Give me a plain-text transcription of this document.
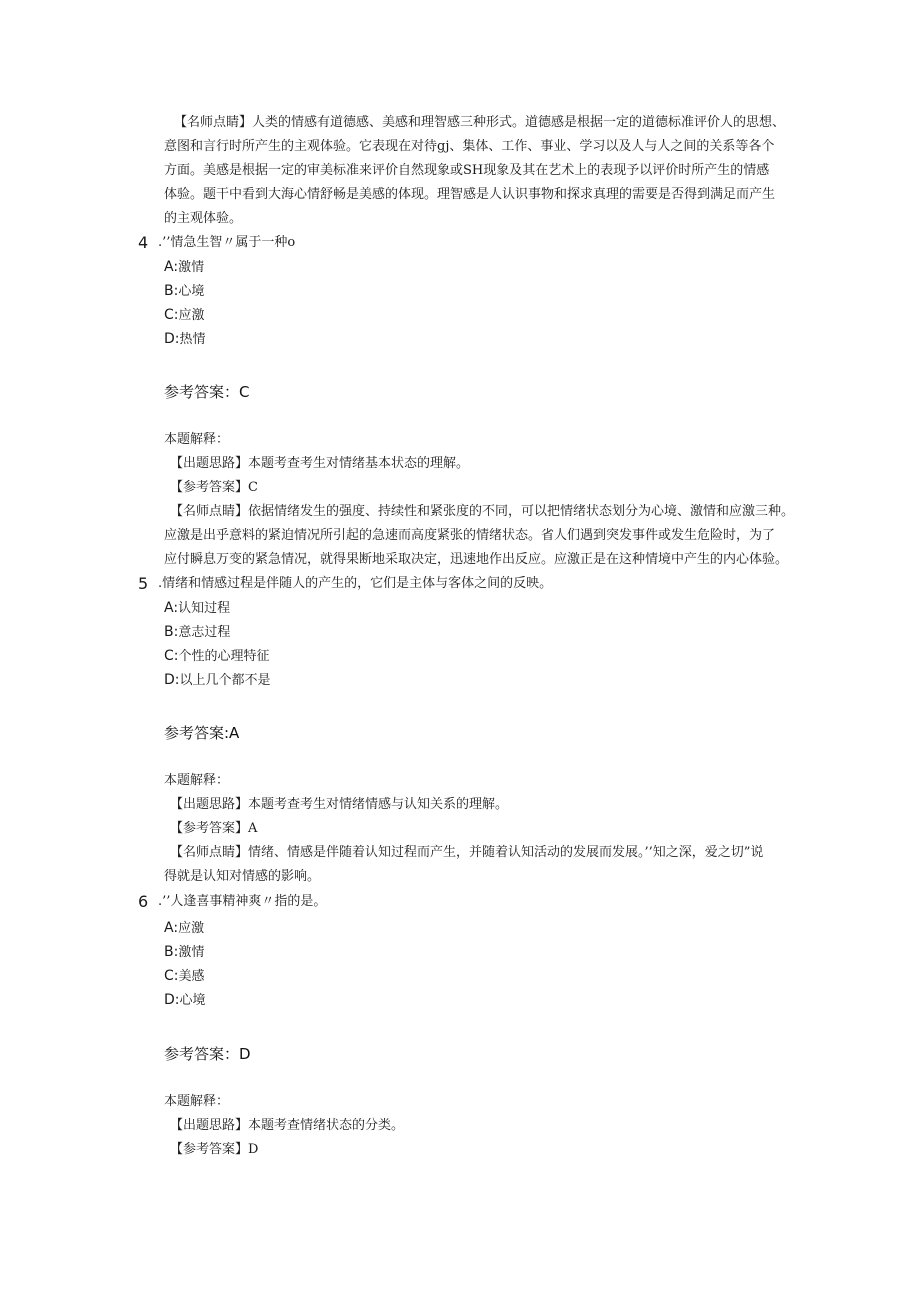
【名师点睛】人类的情感有道德感、美感和理智感三种形式。道德感是根据一定的道德标准评价人的思想、
意图和言行时所产生的主观体验。它表现在对待gj、集体、工作、事业、学习以及人与人之间的关系等各个
方面。美感是根据一定的审美标准来评价自然现象或SH现象及其在艺术上的表现予以评价时所产生的情感
体验。题干中看到大海心情舒畅是美感的体现。理智感是人认识事物和探求真理的需要是否得到满足而产生
的主观体验。
4 .’’情急生智〃属于一种o
A:激情
B:心境
C:应激
D:热情
参考答案：C
本题解释：
【出题思路】本题考查考生对情绪基本状态的理解。
【参考答案】C
【名师点睛】依据情绪发生的强度、持续性和紧张度的不同，可以把情绪状态划分为心境、激情和应激三种。
应激是出乎意料的紧迫情况所引起的急速而高度紧张的情绪状态。省人们遇到突发事件或发生危险时，为了
应付瞬息万变的紧急情况，就得果断地采取决定，迅速地作出反应。应激正是在这种情境中产生的内心体验。
5 .情绪和情感过程是伴随人的产生的，它们是主体与客体之间的反映。
A:认知过程
B:意志过程
C:个性的心理特征
D:以上几个都不是
参考答案:A
本题解释：
【出题思路】本题考查考生对情绪情感与认知关系的理解。
【参考答案】A
【名师点睛】情绪、情感是伴随着认知过程而产生，并随着认知活动的发展而发展。’’知之深，爱之切”说
得就是认知对情感的影响。
6 .’’人逢喜事精神爽〃指的是。
A:应激
B:激情
C:美感
D:心境
参考答案：D
本题解释：
【出题思路】本题考查情绪状态的分类。
【参考答案】D
